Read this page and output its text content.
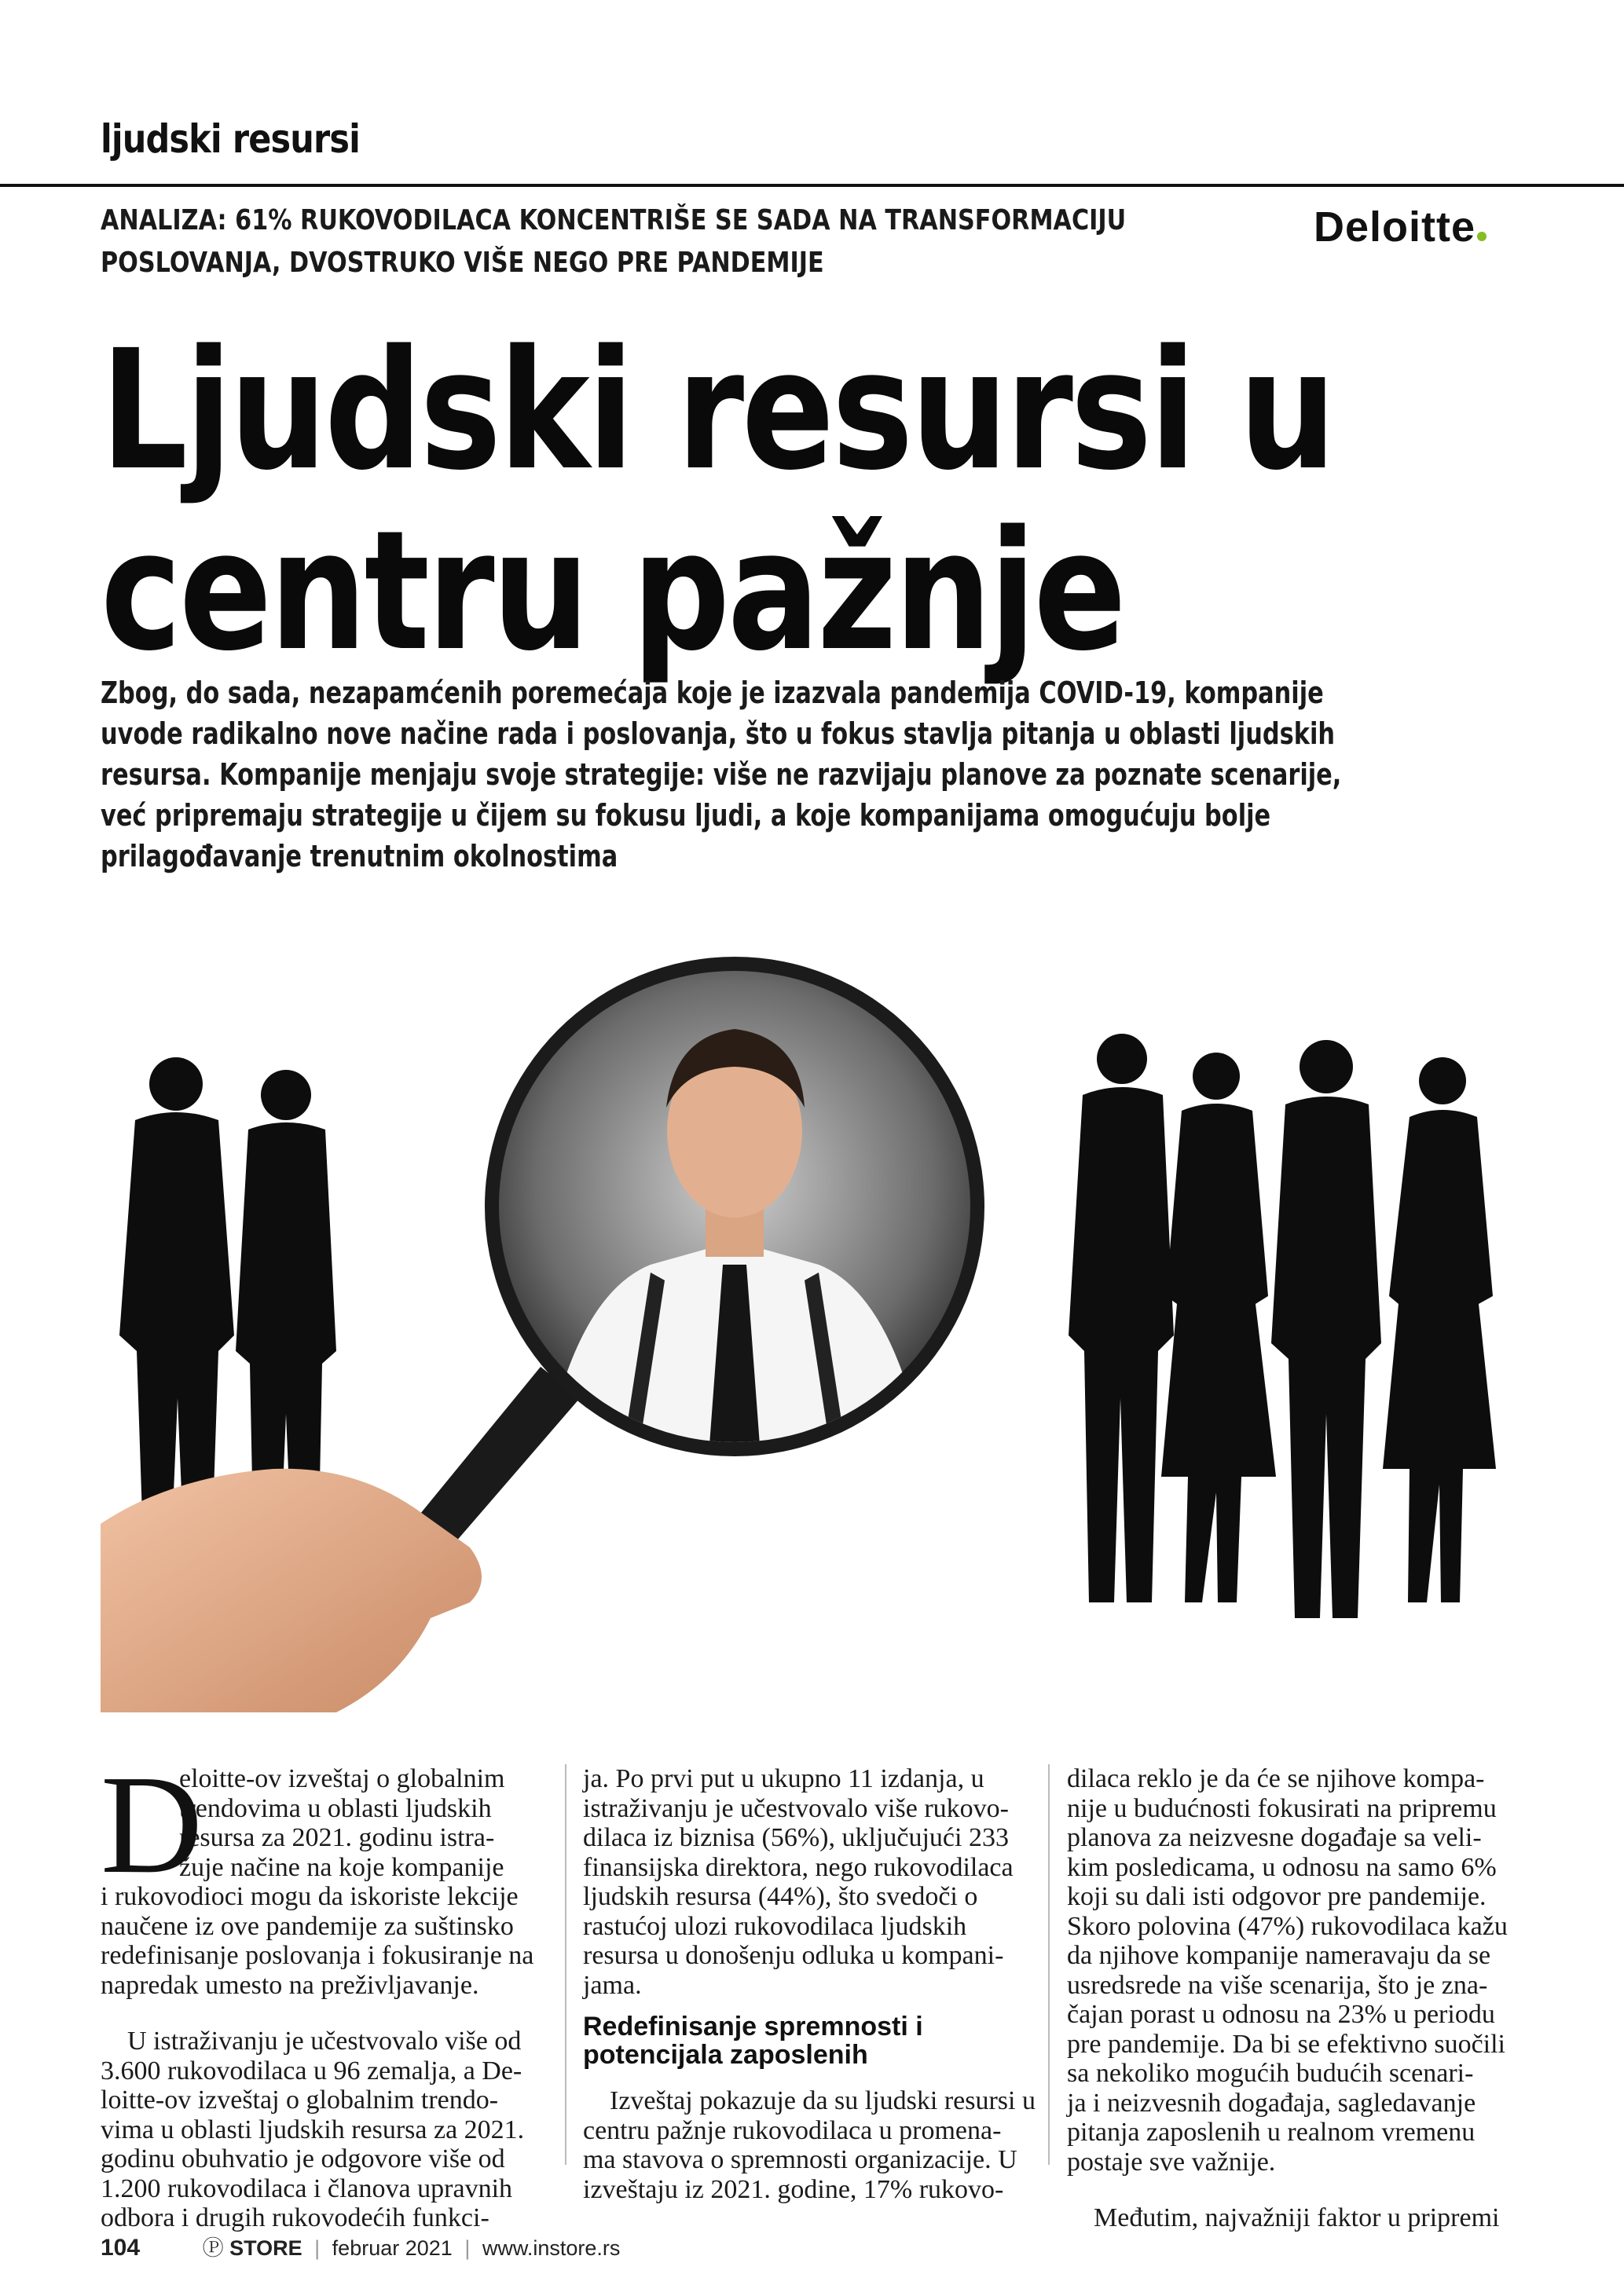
ljudski resursi
ANALIZA: 61% RUKOVODILACA KONCENTRIŠE SE SADA NA TRANSFORMACIJU
POSLOVANJA, DVOSTRUKO VIŠE NEGO PRE PANDEMIJE
Deloitte
Ljudski resursi u
centru pažnje
Zbog, do sada, nezapamćenih poremećaja koje je izazvala pandemija COVID-19, kompanije
uvode radikalno nove načine rada i poslovanja, što u fokus stavlja pitanja u oblasti ljudskih
resursa. Kompanije menjaju svoje strategije: više ne razvijaju planove za poznate scenarije,
već pripremaju strategije u čijem su fokusu ljudi, a koje kompanijama omogućuju bolje
prilagođavanje trenutnim okolnostima
D

eloitte-ov izveštaj o globalnim
trendovima u oblasti ljudskih
resursa za 2021. godinu istra-
žuje načine na koje kompanije
i rukovodioci mogu da iskoriste lekcije
naučene iz ove pandemije za suštinsko
redefinisanje poslovanja i fokusiranje na
napredak umesto na preživljavanje.

U istraživanju je učestvovalo više od
3.600 rukovodilaca u 96 zemalja, a De-
loitte-ov izveštaj o globalnim trendo-
vima u oblasti ljudskih resursa za 2021.
godinu obuhvatio je odgovore više od
1.200 rukovodilaca i članova upravnih
odbora i drugih rukovodećih funkci-

ja. Po prvi put u ukupno 11 izdanja, u
istraživanju je učestvovalo više rukovo-
dilaca iz biznisa (56%), uključujući 233
finansijska direktora, nego rukovodilaca
ljudskih resursa (44%), što svedoči o
rastućoj ulozi rukovodilaca ljudskih
resursa u donošenju odluka u kompani-
jama.

Redefinisanje spremnosti i
potencijala zaposlenih

Izveštaj pokazuje da su ljudski resursi u
centru pažnje rukovodilaca u promena-
ma stavova o spremnosti organizacije. U
izveštaju iz 2021. godine, 17% rukovo-

dilaca reklo je da će se njihove kompa-
nije u budućnosti fokusirati na pripremu
planova za neizvesne događaje sa veli-
kim posledicama, u odnosu na samo 6%
koji su dali isti odgovor pre pandemije.
Skoro polovina (47%) rukovodilaca kažu
da njihove kompanije nameravaju da se
usredsrede na više scenarija, što je zna-
čajan porast u odnosu na 23% u periodu
pre pandemije. Da bi se efektivno suočili
sa nekoliko mogućih budućih scenari-
ja i neizvesnih događaja, sagledavanje
pitanja zaposlenih u realnom vremenu
postaje sve važnije.

Međutim, najvažniji faktor u pripremi

104	Ⓟ STORE | februar 2021 | www.instore.rs
